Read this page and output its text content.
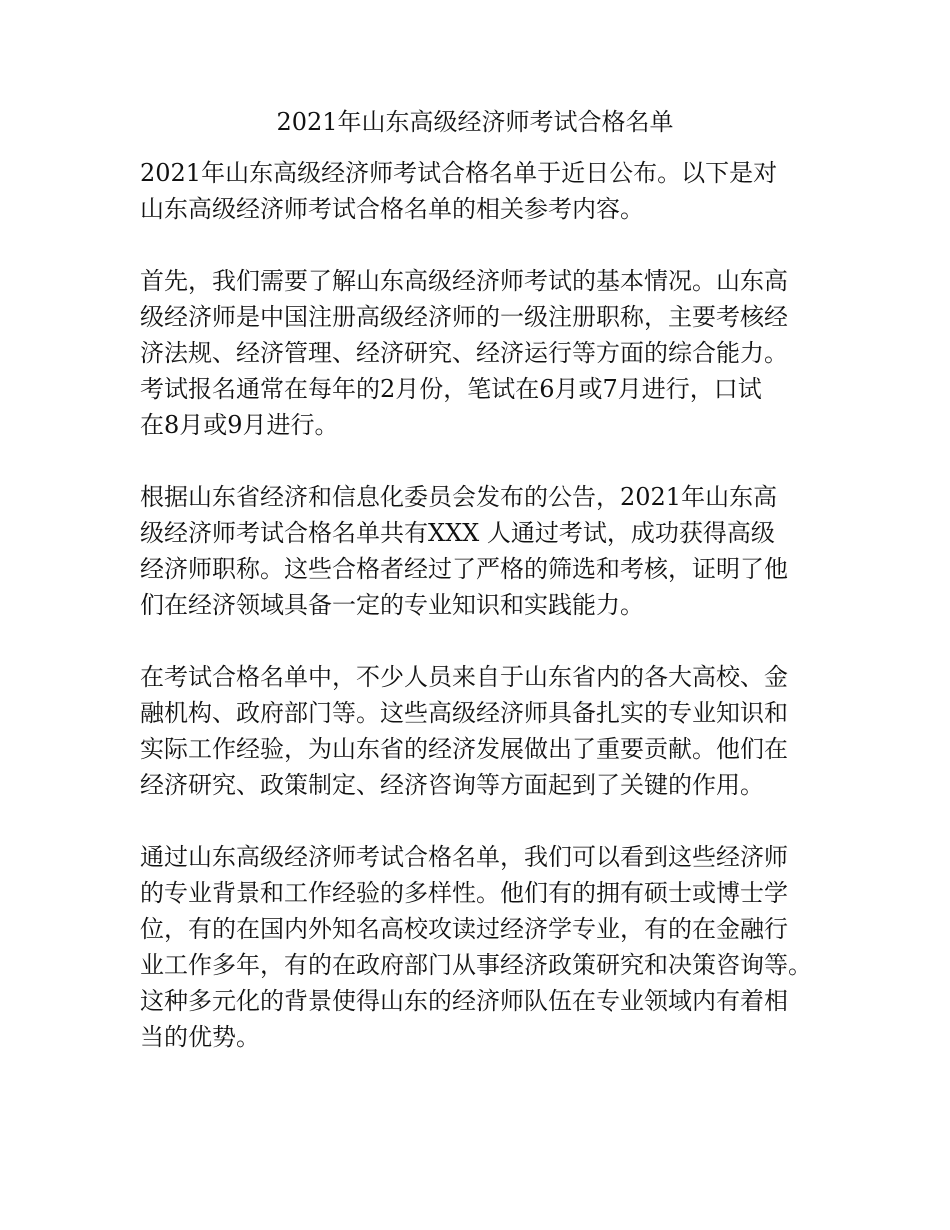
2021年山东高级经济师考试合格名单

2021年山东高级经济师考试合格名单于近日公布。以下是对
山东高级经济师考试合格名单的相关参考内容。

首先，我们需要了解山东高级经济师考试的基本情况。山东高
级经济师是中国注册高级经济师的一级注册职称，主要考核经
济法规、经济管理、经济研究、经济运行等方面的综合能力。
考试报名通常在每年的2月份，笔试在6月或7月进行，口试
在8月或9月进行。

根据山东省经济和信息化委员会发布的公告，2021年山东高
级经济师考试合格名单共有XXX 人通过考试，成功获得高级
经济师职称。这些合格者经过了严格的筛选和考核，证明了他
们在经济领域具备一定的专业知识和实践能力。

在考试合格名单中，不少人员来自于山东省内的各大高校、金
融机构、政府部门等。这些高级经济师具备扎实的专业知识和
实际工作经验，为山东省的经济发展做出了重要贡献。他们在
经济研究、政策制定、经济咨询等方面起到了关键的作用。

通过山东高级经济师考试合格名单，我们可以看到这些经济师
的专业背景和工作经验的多样性。他们有的拥有硕士或博士学
位，有的在国内外知名高校攻读过经济学专业，有的在金融行
业工作多年，有的在政府部门从事经济政策研究和决策咨询等。
这种多元化的背景使得山东的经济师队伍在专业领域内有着相
当的优势。
